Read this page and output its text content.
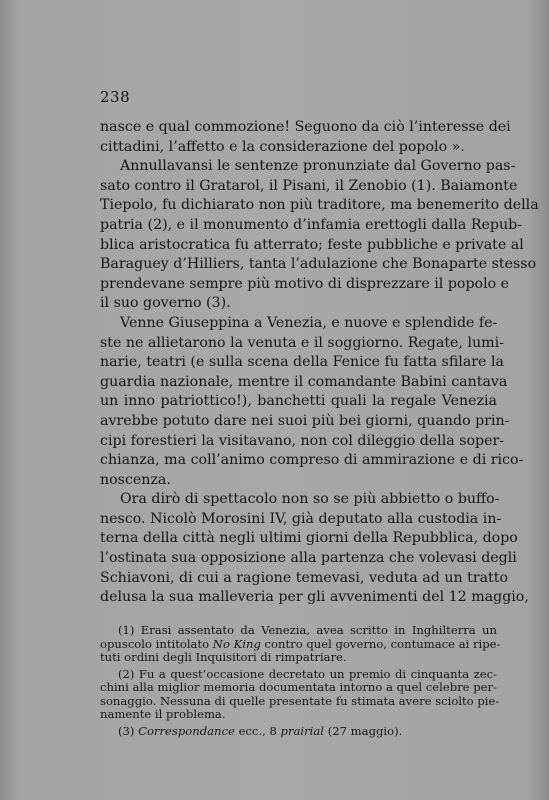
238
nasce e qual commozione! Seguono da ciò l’interesse dei
cittadini, l’affetto e la considerazione del popolo ».
Annullavansi le sentenze pronunziate dal Governo pas-
sato contro il Gratarol, il Pisani, il Zenobio (1). Baiamonte
Tiepolo, fu dichiarato non più traditore, ma benemerito della
patria (2), e il monumento d’infamia erettogli dalla Repub-
blica aristocratica fu atterrato; feste pubbliche e private al
Baraguey d’Hilliers, tanta l’adulazione che Bonaparte stesso
prendevane sempre più motivo di disprezzare il popolo e
il suo governo (3).
Venne Giuseppina a Venezia, e nuove e splendide fe-
ste ne allietarono la venuta e il soggiorno. Regate, lumi-
narie, teatri (e sulla scena della Fenice fu fatta sfilare la
guardia nazionale, mentre il comandante Babini cantava
un inno patriottico!), banchetti quali la regale Venezia
avrebbe potuto dare nei suoi più bei giorni, quando prin-
cipi forestieri la visitavano, non col dileggio della soper-
chianza, ma coll’animo compreso di ammirazione e di rico-
noscenza.
Ora dirò di spettacolo non so se più abbietto o buffo-
nesco. Nicolò Morosini IV, già deputato alla custodia in-
terna della città negli ultimi giorni della Repubblica, dopo
l’ostinata sua opposizione alla partenza che volevasi degli
Schiavoni, di cui a ragione temevasi, veduta ad un tratto
delusa la sua malleveria per gli avvenimenti del 12 maggio,
(1) Erasi assentato da Venezia, avea scritto in Inghilterra un
opuscolo intitolato No King contro quel governo, contumace ai ripe-
tuti ordini degli Inquisitori di rimpatriare.
(2) Fu a quest’occasione decretato un premio di cinquanta zec-
chini alla miglior memoria documentata intorno a quel celebre per-
sonaggio. Nessuna di quelle presentate fu stimata avere sciolto pie-
namente il problema.
(3) Correspondance ecc., 8 prairial (27 maggio).
